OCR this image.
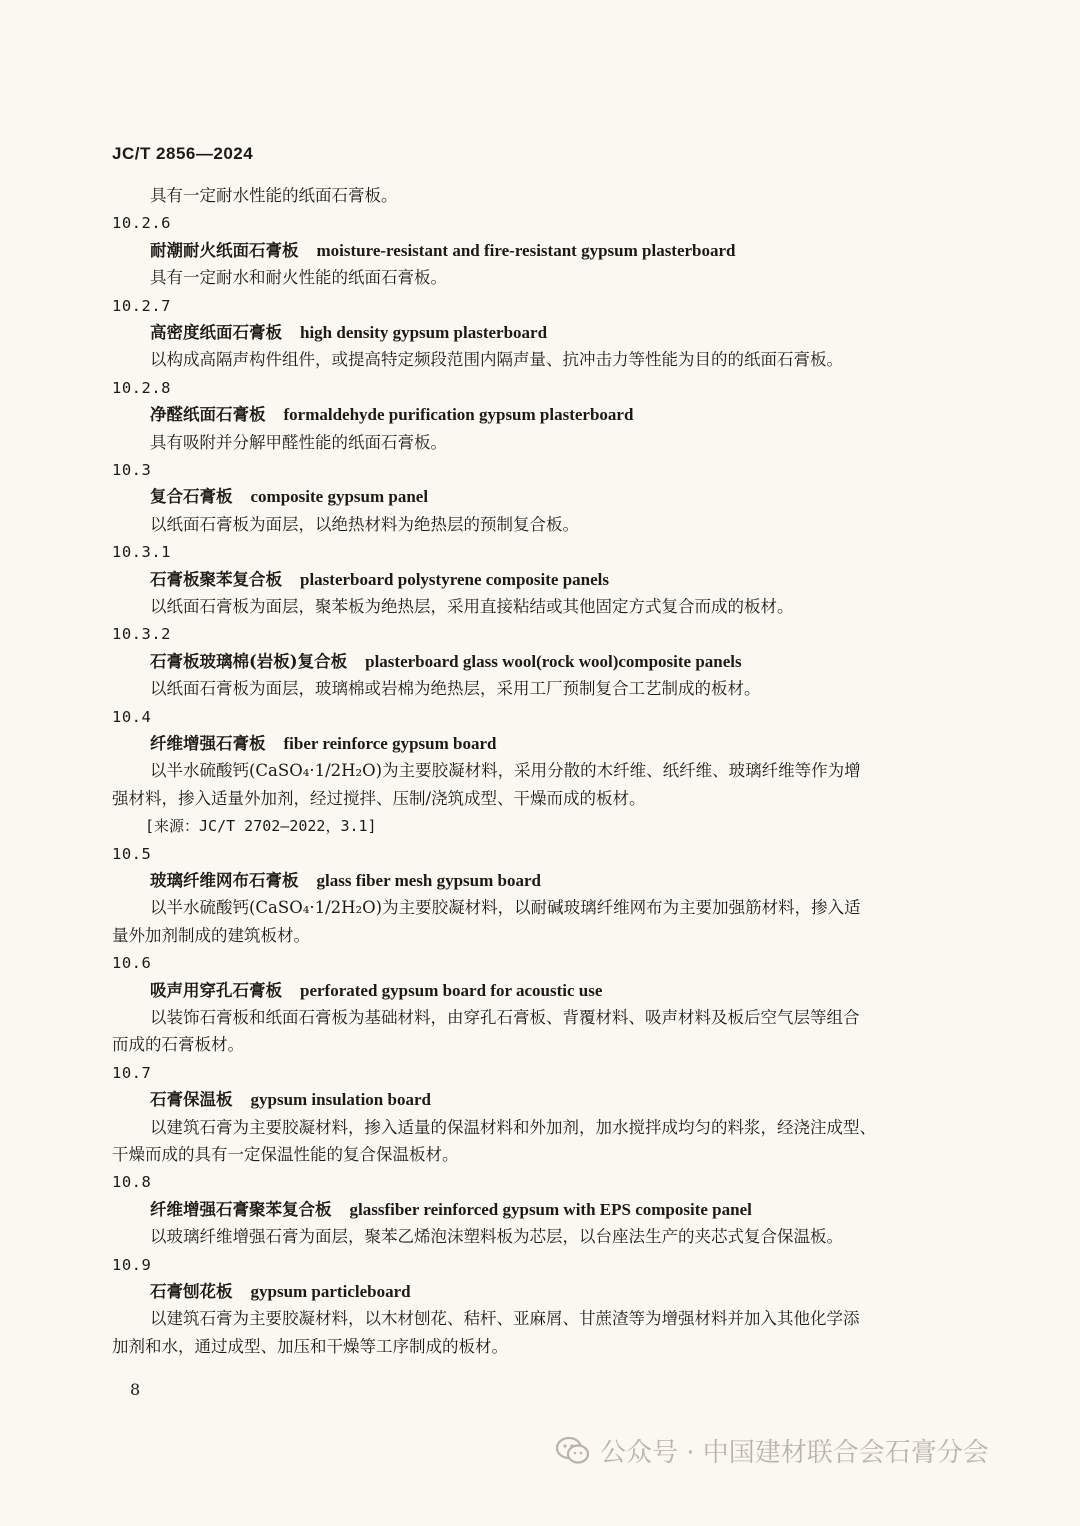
JC/T 2856—2024
具有一定耐水性能的纸面石膏板。
10.2.6
耐潮耐火纸面石膏板 moisture-resistant and fire-resistant gypsum plasterboard
具有一定耐水和耐火性能的纸面石膏板。
10.2.7
高密度纸面石膏板 high density gypsum plasterboard
以构成高隔声构件组件，或提高特定频段范围内隔声量、抗冲击力等性能为目的的纸面石膏板。
10.2.8
净醛纸面石膏板 formaldehyde purification gypsum plasterboard
具有吸附并分解甲醛性能的纸面石膏板。
10.3
复合石膏板 composite gypsum panel
以纸面石膏板为面层，以绝热材料为绝热层的预制复合板。
10.3.1
石膏板聚苯复合板 plasterboard polystyrene composite panels
以纸面石膏板为面层，聚苯板为绝热层，采用直接粘结或其他固定方式复合而成的板材。
10.3.2
石膏板玻璃棉(岩板)复合板 plasterboard glass wool(rock wool)composite panels
以纸面石膏板为面层，玻璃棉或岩棉为绝热层，采用工厂预制复合工艺制成的板材。
10.4
纤维增强石膏板 fiber reinforce gypsum board
以半水硫酸钙(CaSO₄·1/2H₂O)为主要胶凝材料，采用分散的木纤维、纸纤维、玻璃纤维等作为增
强材料，掺入适量外加剂，经过搅拌、压制/浇筑成型、干燥而成的板材。
[来源：JC/T 2702—2022，3.1]
10.5
玻璃纤维网布石膏板 glass fiber mesh gypsum board
以半水硫酸钙(CaSO₄·1/2H₂O)为主要胶凝材料，以耐碱玻璃纤维网布为主要加强筋材料，掺入适
量外加剂制成的建筑板材。
10.6
吸声用穿孔石膏板 perforated gypsum board for acoustic use
以装饰石膏板和纸面石膏板为基础材料，由穿孔石膏板、背覆材料、吸声材料及板后空气层等组合
而成的石膏板材。
10.7
石膏保温板 gypsum insulation board
以建筑石膏为主要胶凝材料，掺入适量的保温材料和外加剂，加水搅拌成均匀的料浆，经浇注成型、
干燥而成的具有一定保温性能的复合保温板材。
10.8
纤维增强石膏聚苯复合板 glassfiber reinforced gypsum with EPS composite panel
以玻璃纤维增强石膏为面层，聚苯乙烯泡沫塑料板为芯层，以台座法生产的夹芯式复合保温板。
10.9
石膏刨花板 gypsum particleboard
以建筑石膏为主要胶凝材料，以木材刨花、秸杆、亚麻屑、甘蔗渣等为增强材料并加入其他化学添
加剂和水，通过成型、加压和干燥等工序制成的板材。
8
公众号 · 中国建材联合会石膏分会
